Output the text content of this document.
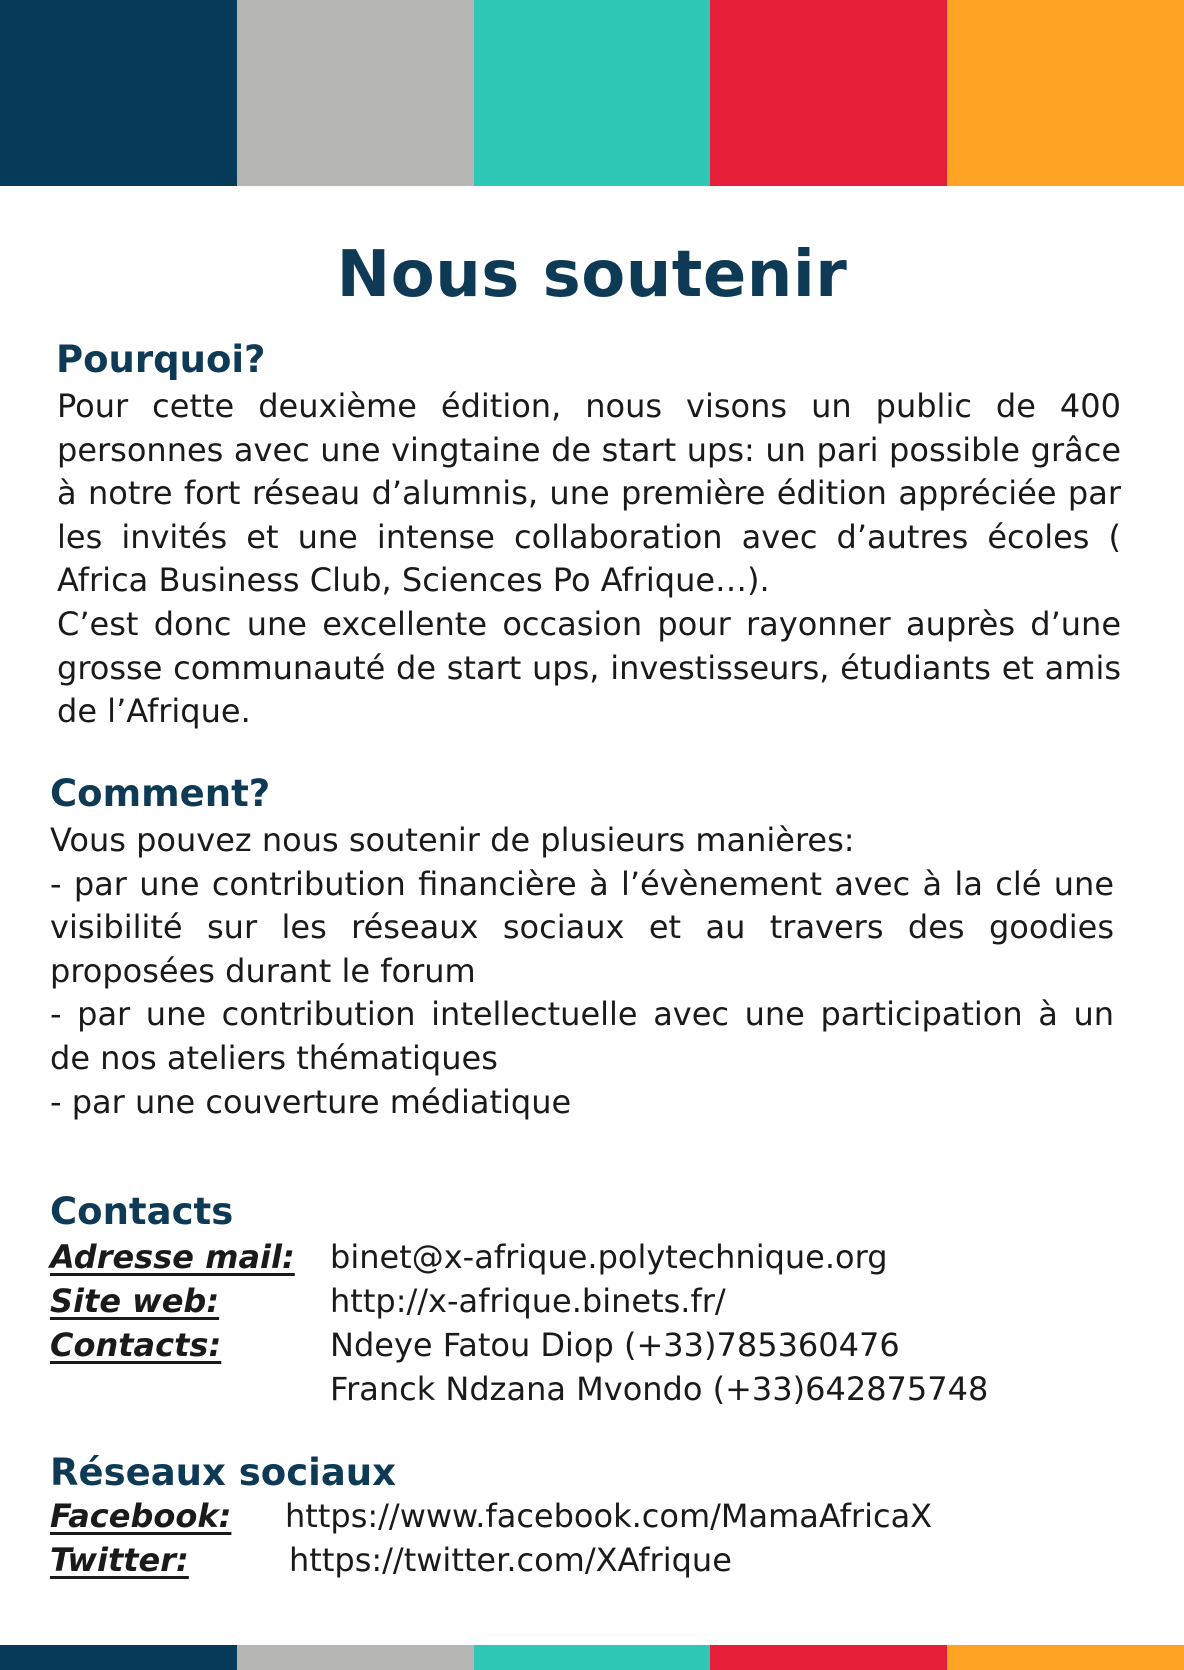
Nous soutenir
Pourquoi?

Pour cette deuxième édition, nous visons un public de 400 personnes avec une vingtaine de start ups: un pari possible grâce à notre fort réseau d’alumnis, une première édition appréciée par les invités et une intense collaboration avec d’autres écoles ( Africa Business Club, Sciences Po Afrique…).

C’est donc une excellente occasion pour rayonner auprès d’une grosse communauté de start ups, investisseurs, étudiants et amis de l’Afrique.

Comment?

Vous pouvez nous soutenir de plusieurs manières:

- par une contribution financière à l’évènement avec à la clé une visibilité sur les réseaux sociaux et au travers des goodies proposées durant le forum

- par une contribution intellectuelle avec une participation à un de nos ateliers thématiques

- par une couverture médiatique

Contacts
Adresse mail: binet@x-afrique.polytechnique.org
Site web:	http://x-afrique.binets.fr/
Contacts:	Ndeye Fatou Diop (+33)785360476
Franck Ndzana Mvondo (+33)642875748
Réseaux sociaux
Facebook: https://www.facebook.com/MamaAfricaX
Twitter:	https://twitter.com/XAfrique
